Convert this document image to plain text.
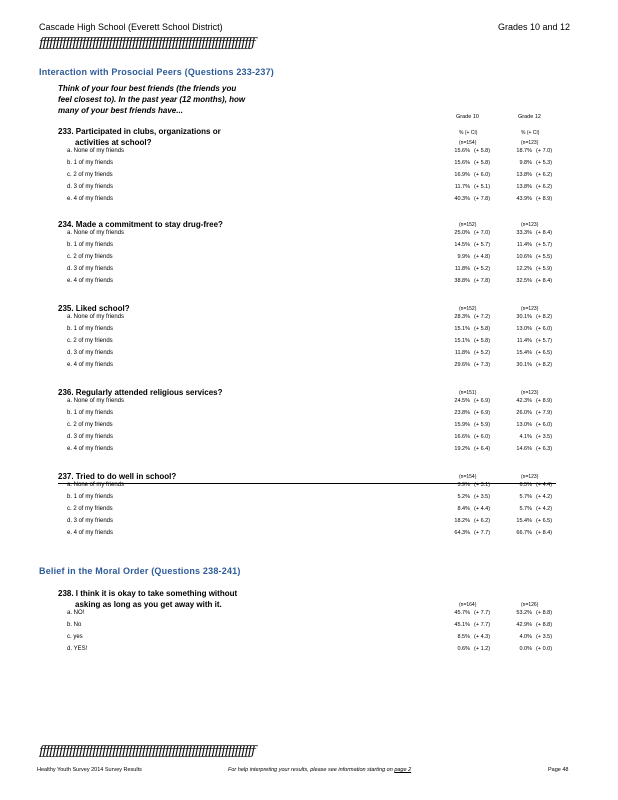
Cascade High School (Everett School District)	Grades 10 and 12
ƒƒƒƒƒƒƒƒƒƒƒƒƒƒƒƒƒƒƒƒƒƒƒƒƒƒƒƒƒƒƒƒƒƒƒƒƒƒƒƒƒƒƒƒƒƒƒƒƒƒƒƒƒƒƒƒƒƒƒƒƒƒƒƒƒ
Interaction with Prosocial Peers (Questions 233-237)
Think of your four best friends (the friends you
feel closest to). In the past year (12 months), how
many of your best friends have...
Grade 10	Grade 12
% (+ CI)	% (+ CI)
233. Participated in clubs, organizations or
activities at school?	(n=154)	(n=123)
a. None of my friends	15.6% (+ 5.8)	18.7% (+ 7.0)
b. 1 of my friends	15.6% (+ 5.8)	9.8% (+ 5.3)
c. 2 of my friends	16.9% (+ 6.0)	13.8% (+ 6.2)
d. 3 of my friends	11.7% (+ 5.1)	13.8% (+ 6.2)
e. 4 of my friends	40.3% (+ 7.8)	43.9% (+ 8.9)
234. Made a commitment to stay drug-free?	(n=152)	(n=123)
a. None of my friends	25.0% (+ 7.0)	33.3% (+ 8.4)
b. 1 of my friends	14.5% (+ 5.7)	11.4% (+ 5.7)
c. 2 of my friends	9.9% (+ 4.8)	10.6% (+ 5.5)
d. 3 of my friends	11.8% (+ 5.2)	12.2% (+ 5.9)
e. 4 of my friends	38.8% (+ 7.8)	32.5% (+ 8.4)
235. Liked school?	(n=152)	(n=123)
a. None of my friends	28.3% (+ 7.2)	30.1% (+ 8.2)
b. 1 of my friends	15.1% (+ 5.8)	13.0% (+ 6.0)
c. 2 of my friends	15.1% (+ 5.8)	11.4% (+ 5.7)
d. 3 of my friends	11.8% (+ 5.2)	15.4% (+ 6.5)
e. 4 of my friends	29.6% (+ 7.3)	30.1% (+ 8.2)
236. Regularly attended religious services?	(n=151)	(n=123)
a. None of my friends	24.5% (+ 6.9)	42.3% (+ 8.9)
b. 1 of my friends	23.8% (+ 6.9)	26.0% (+ 7.9)
c. 2 of my friends	15.9% (+ 5.9)	13.0% (+ 6.0)
d. 3 of my friends	16.6% (+ 6.0)	4.1% (+ 3.5)
e. 4 of my friends	19.2% (+ 6.4)	14.6% (+ 6.3)
237. Tried to do well in school?	(n=154)	(n=123)
a. None of my friends	3.9% (+ 3.1)	6.5% (+ 4.4)
b. 1 of my friends	5.2% (+ 3.5)	5.7% (+ 4.2)
c. 2 of my friends	8.4% (+ 4.4)	5.7% (+ 4.2)
d. 3 of my friends	18.2% (+ 6.2)	15.4% (+ 6.5)
e. 4 of my friends	64.3% (+ 7.7)	66.7% (+ 8.4)
Belief in the Moral Order (Questions 238-241)
238. I think it is okay to take something without
asking as long as you get away with it.	(n=164)	(n=126)
a. NO!	45.7% (+ 7.7)	53.2% (+ 8.8)
b. No	45.1% (+ 7.7)	42.9% (+ 8.8)
c. yes	8.5% (+ 4.3)	4.0% (+ 3.5)
d. YES!	0.6% (+ 1.2)	0.0% (+ 0.0)
ƒƒƒƒƒƒƒƒƒƒƒƒƒƒƒƒƒƒƒƒƒƒƒƒƒƒƒƒƒƒƒƒƒƒƒƒƒƒƒƒƒƒƒƒƒƒƒƒƒƒƒƒƒƒƒƒƒƒƒƒƒƒƒƒƒ
Healthy Youth Survey 2014 Survey Results	For help interpreting your results, please see information starting on page 2	Page 48
